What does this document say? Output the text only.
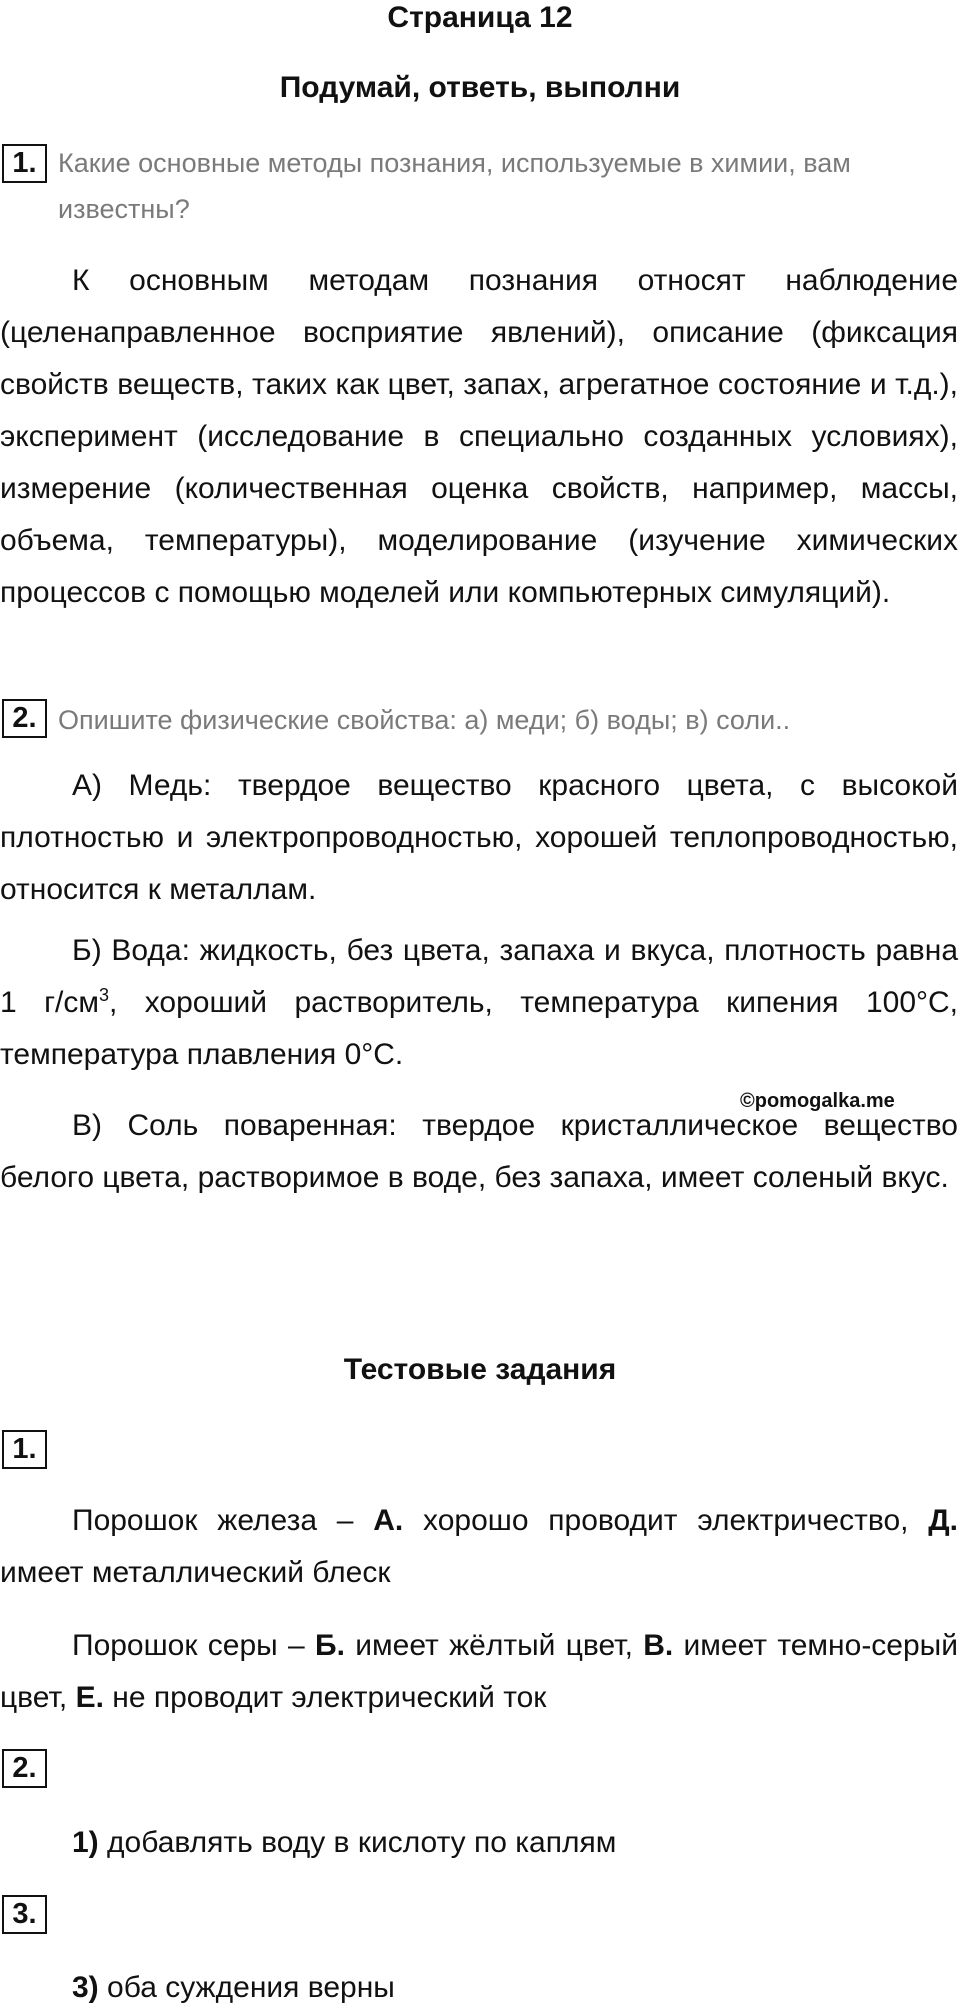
Страница 12
Подумай, ответь, выполни
1. Какие основные методы познания, используемые в химии, вам известны?
К основным методам познания относят наблюдение (целенаправленное восприятие явлений), описание (фиксация свойств веществ, таких как цвет, запах, агрегатное состояние и т.д.), эксперимент (исследование в специально созданных условиях), измерение (количественная оценка свойств, например, массы, объема, температуры), моделирование (изучение химических процессов с помощью моделей или компьютерных симуляций).
2. Опишите физические свойства: а) меди; б) воды; в) соли..
А) Медь: твердое вещество красного цвета, с высокой плотностью и электропроводностью, хорошей теплопроводностью, относится к металлам.
Б) Вода: жидкость, без цвета, запаха и вкуса, плотность равна 1 $г/см^3$, хороший растворитель, температура кипения 100°C, температура плавления 0°C.
©pomogalka.me
В) Соль поваренная: твердое кристаллическое вещество белого цвета, растворимое в воде, без запаха, имеет соленый вкус.
Тестовые задания
1.
Порошок железа – А. хорошо проводит электричество, Д. имеет металлический блеск
Порошок серы – Б. имеет жёлтый цвет, В. имеет темно-серый цвет, Е. не проводит электрический ток
2.
1) добавлять воду в кислоту по каплям
3.
3) оба суждения верны
